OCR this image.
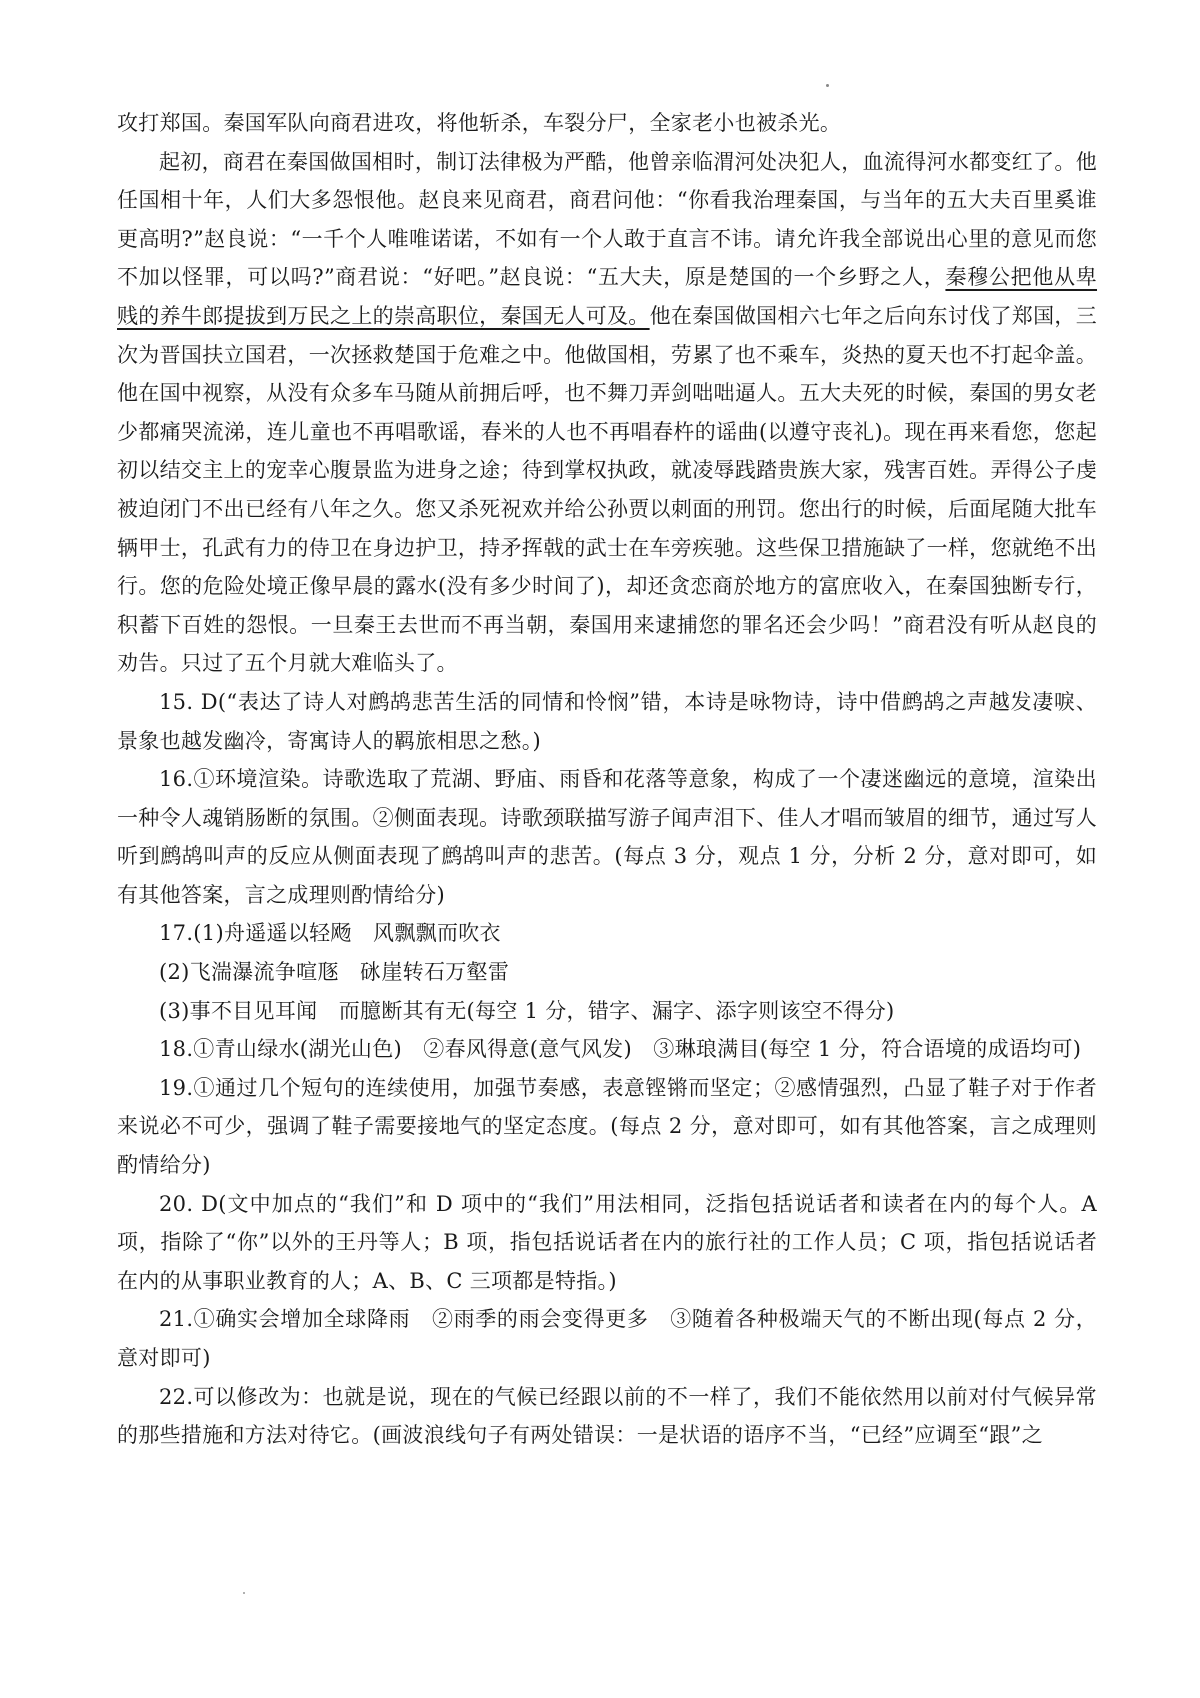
攻打郑国。秦国军队向商君进攻，将他斩杀，车裂分尸，全家老小也被杀光。

起初，商君在秦国做国相时，制订法律极为严酷，他曾亲临渭河处决犯人，血流得河水都变红了。他任国相十年，人们大多怨恨他。赵良来见商君，商君问他：“你看我治理秦国，与当年的五大夫百里奚谁更高明?”赵良说：“一千个人唯唯诺诺，不如有一个人敢于直言不讳。请允许我全部说出心里的意见而您不加以怪罪，可以吗?”商君说：“好吧。”赵良说：“五大夫，原是楚国的一个乡野之人，秦穆公把他从卑贱的养牛郎提拔到万民之上的崇高职位，秦国无人可及。他在秦国做国相六七年之后向东讨伐了郑国，三次为晋国扶立国君，一次拯救楚国于危难之中。他做国相，劳累了也不乘车，炎热的夏天也不打起伞盖。他在国中视察，从没有众多车马随从前拥后呼，也不舞刀弄剑咄咄逼人。五大夫死的时候，秦国的男女老少都痛哭流涕，连儿童也不再唱歌谣，春米的人也不再唱春杵的谣曲(以遵守丧礼)。现在再来看您，您起初以结交主上的宠幸心腹景监为进身之途；待到掌权执政，就凌辱践踏贵族大家，残害百姓。弄得公子虔被迫闭门不出已经有八年之久。您又杀死祝欢并给公孙贾以刺面的刑罚。您出行的时候，后面尾随大批车辆甲士，孔武有力的侍卫在身边护卫，持矛挥戟的武士在车旁疾驰。这些保卫措施缺了一样，您就绝不出行。您的危险处境正像早晨的露水(没有多少时间了)，却还贪恋商於地方的富庶收入，在秦国独断专行，积蓄下百姓的怨恨。一旦秦王去世而不再当朝，秦国用来逮捕您的罪名还会少吗！”商君没有听从赵良的劝告。只过了五个月就大难临头了。

15. D(“表达了诗人对鹧鸪悲苦生活的同情和怜悯”错，本诗是咏物诗，诗中借鹧鸪之声越发凄唳、景象也越发幽冷，寄寓诗人的羁旅相思之愁。)

16.①环境渲染。诗歌选取了荒湖、野庙、雨昏和花落等意象，构成了一个凄迷幽远的意境，渲染出一种令人魂销肠断的氛围。②侧面表现。诗歌颈联描写游子闻声泪下、佳人才唱而皱眉的细节，通过写人听到鹧鸪叫声的反应从侧面表现了鹧鸪叫声的悲苦。(每点 3 分，观点 1 分，分析 2 分，意对即可，如有其他答案，言之成理则酌情给分)

17.(1)舟遥遥以轻飏　风飘飘而吹衣

(2)飞湍瀑流争喧豗　砯崖转石万壑雷

(3)事不目见耳闻　而臆断其有无(每空 1 分，错字、漏字、添字则该空不得分)

18.①青山绿水(湖光山色)　②春风得意(意气风发)　③琳琅满目(每空 1 分，符合语境的成语均可)

19.①通过几个短句的连续使用，加强节奏感，表意铿锵而坚定；②感情强烈，凸显了鞋子对于作者来说必不可少，强调了鞋子需要接地气的坚定态度。(每点 2 分，意对即可，如有其他答案，言之成理则酌情给分)

20. D(文中加点的“我们”和 D 项中的“我们”用法相同，泛指包括说话者和读者在内的每个人。A 项，指除了“你”以外的王丹等人；B 项，指包括说话者在内的旅行社的工作人员；C 项，指包括说话者在内的从事职业教育的人；A、B、C 三项都是特指。)

21.①确实会增加全球降雨　②雨季的雨会变得更多　③随着各种极端天气的不断出现(每点 2 分，意对即可)

22.可以修改为：也就是说，现在的气候已经跟以前的不一样了，我们不能依然用以前对付气候异常的那些措施和方法对待它。(画波浪线句子有两处错误：一是状语的语序不当，“已经”应调至“跟”之
